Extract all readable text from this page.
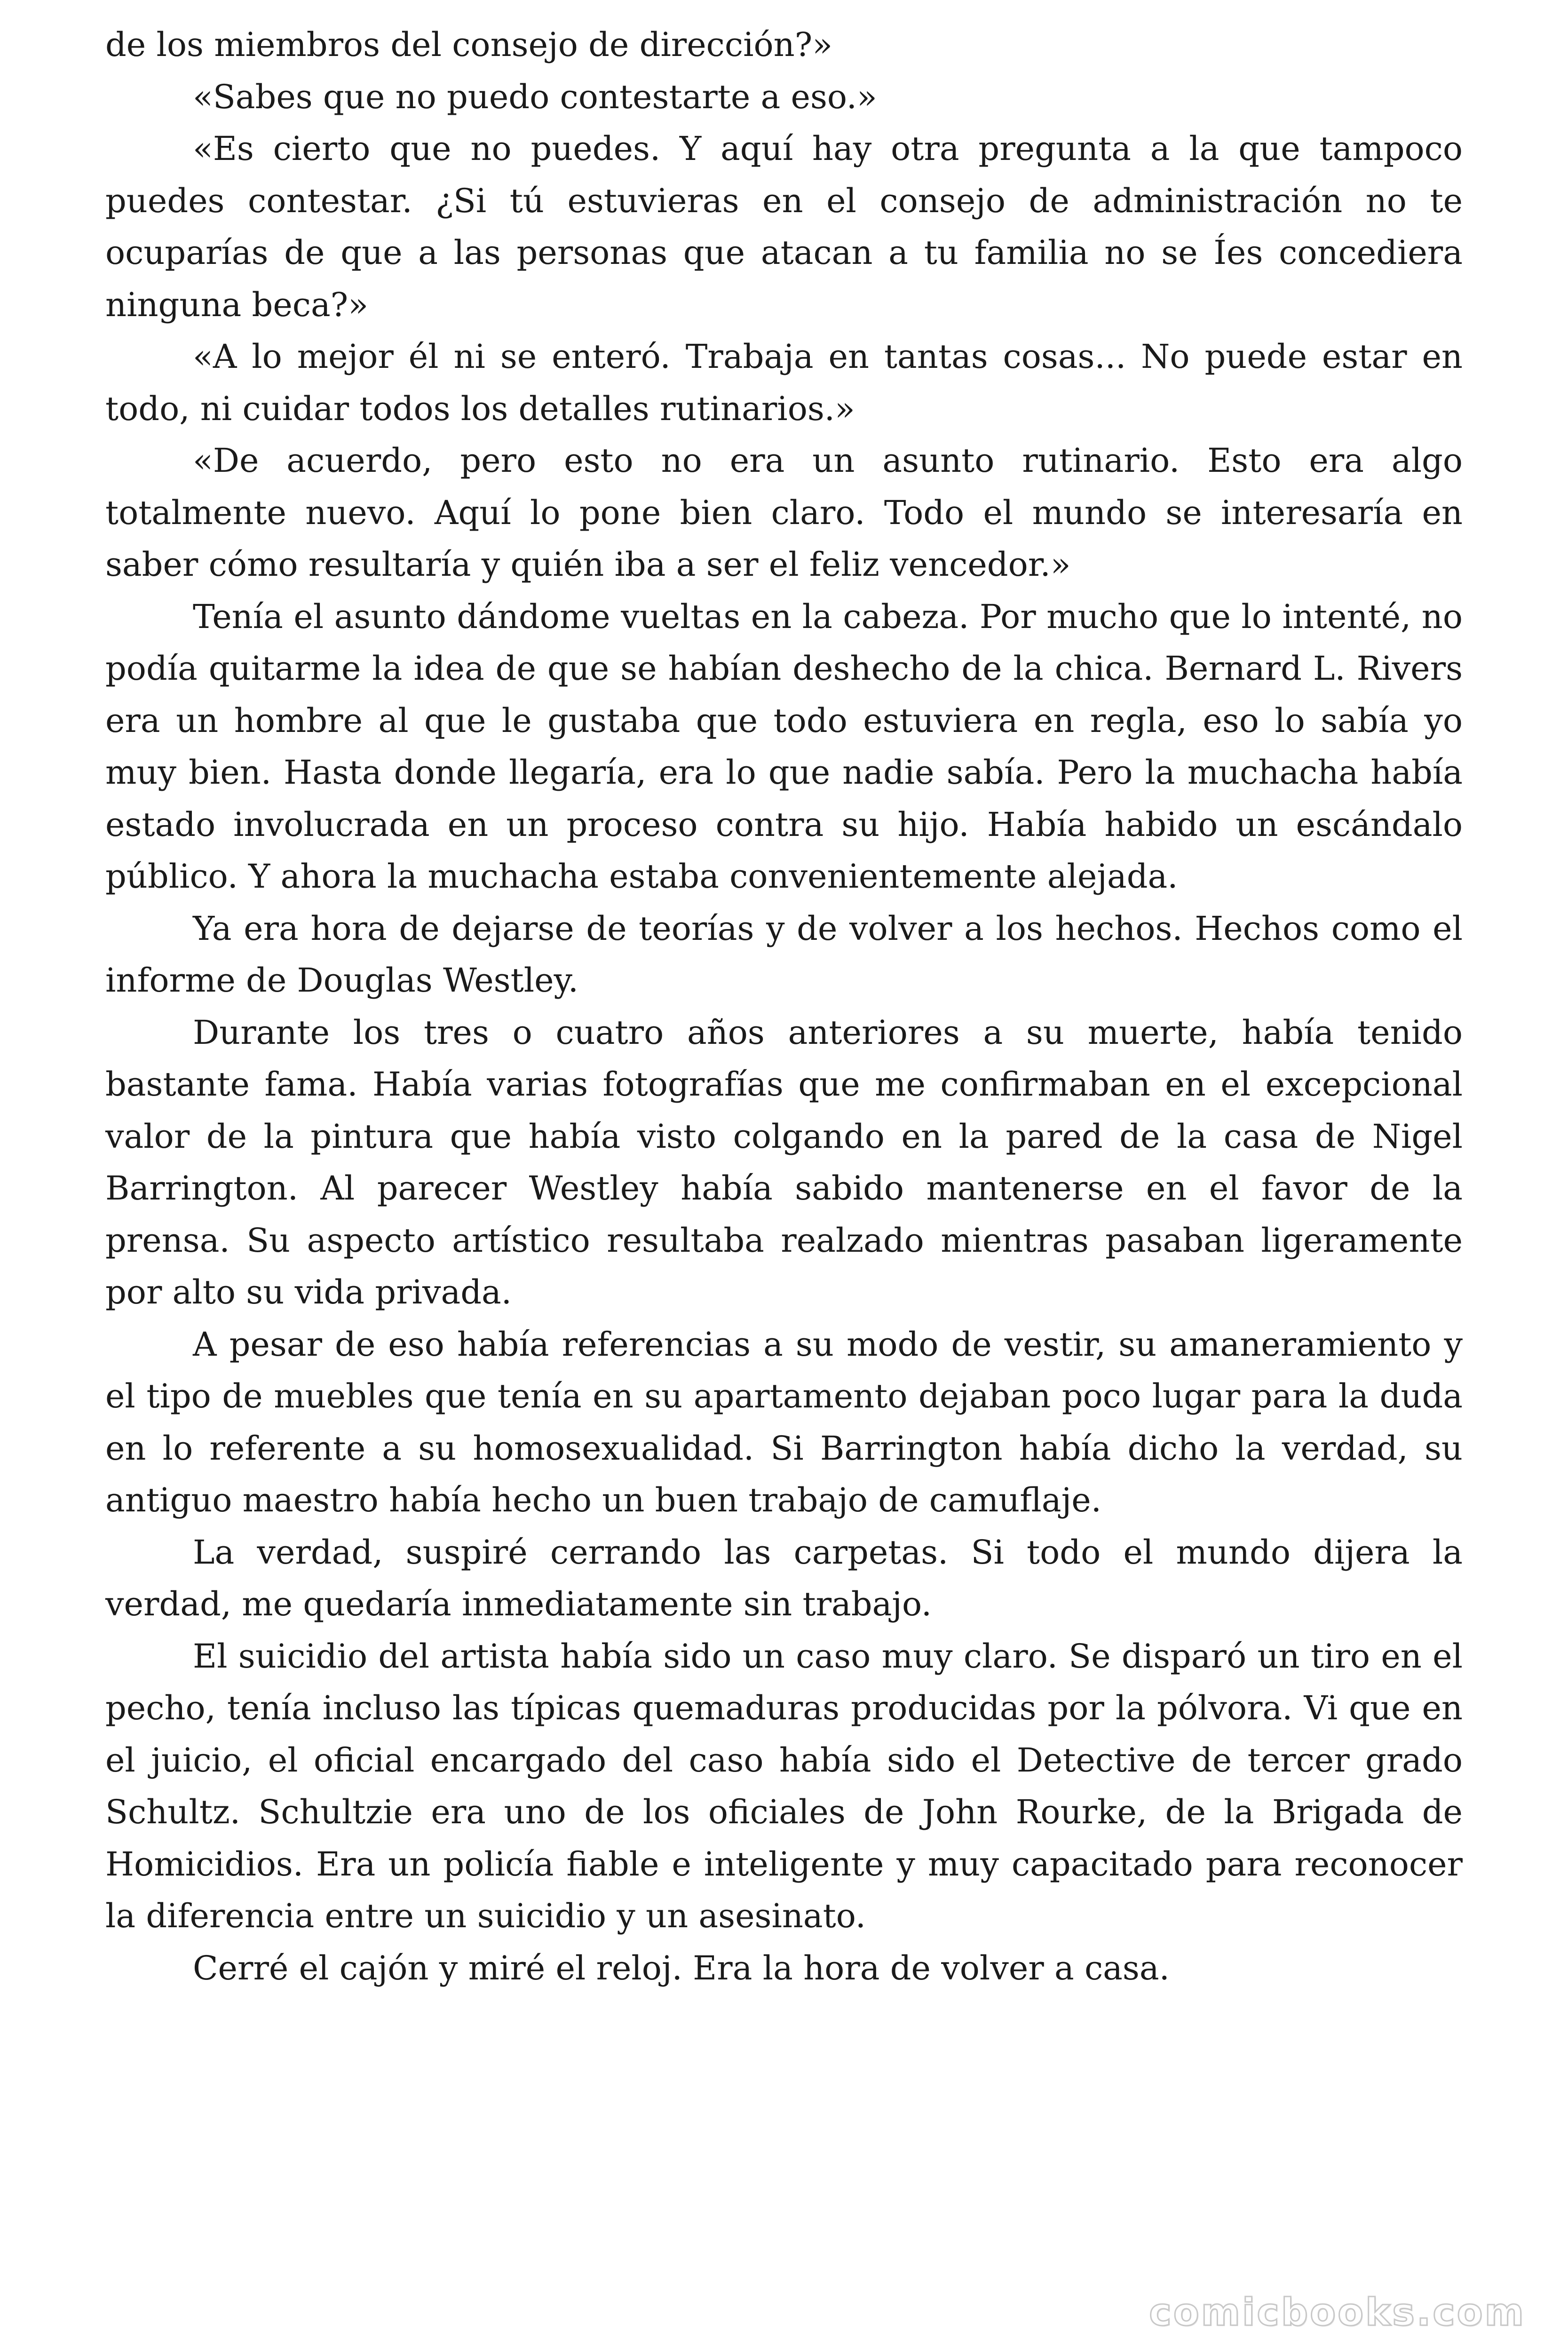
de los miembros del consejo de dirección?»

«Sabes que no puedo contestarte a eso.»

«Es cierto que no puedes. Y aquí hay otra pregunta a la que tampoco puedes contestar. ¿Si tú estuvieras en el consejo de administración no te ocuparías de que a las personas que atacan a tu familia no se Íes concediera ninguna beca?»

«A lo mejor él ni se enteró. Trabaja en tantas cosas... No puede estar en todo, ni cuidar todos los detalles rutinarios.»

«De acuerdo, pero esto no era un asunto rutinario. Esto era algo totalmente nuevo. Aquí lo pone bien claro. Todo el mundo se interesaría en saber cómo resultaría y quién iba a ser el feliz vencedor.»

Tenía el asunto dándome vueltas en la cabeza. Por mucho que lo intenté, no podía quitarme la idea de que se habían deshecho de la chica. Bernard L. Rivers era un hombre al que le gustaba que todo estuviera en regla, eso lo sabía yo muy bien. Hasta donde llegaría, era lo que nadie sabía. Pero la muchacha había estado involucrada en un proceso contra su hijo. Había habido un escándalo público. Y ahora la muchacha estaba convenientemente alejada.

Ya era hora de dejarse de teorías y de volver a los hechos. Hechos como el informe de Douglas Westley.

Durante los tres o cuatro años anteriores a su muerte, había tenido bastante fama. Había varias fotografías que me confirmaban en el excepcional valor de la pintura que había visto colgando en la pared de la casa de Nigel Barrington. Al parecer Westley había sabido mantenerse en el favor de la prensa. Su aspecto artístico resultaba realzado mientras pasaban ligeramente por alto su vida privada.

A pesar de eso había referencias a su modo de vestir, su amaneramiento y el tipo de muebles que tenía en su apartamento dejaban poco lugar para la duda en lo referente a su homosexualidad. Si Barrington había dicho la verdad, su antiguo maestro había hecho un buen trabajo de camuflaje.

La verdad, suspiré cerrando las carpetas. Si todo el mundo dijera la verdad, me quedaría inmediatamente sin trabajo.

El suicidio del artista había sido un caso muy claro. Se disparó un tiro en el pecho, tenía incluso las típicas quemaduras producidas por la pólvora. Vi que en el juicio, el oficial encargado del caso había sido el Detective de tercer grado Schultz. Schultzie era uno de los oficiales de John Rourke, de la Brigada de Homicidios. Era un policía fiable e inteligente y muy capacitado para reconocer la diferencia entre un suicidio y un asesinato.

Cerré el cajón y miré el reloj. Era la hora de volver a casa.

comicbooks.com
